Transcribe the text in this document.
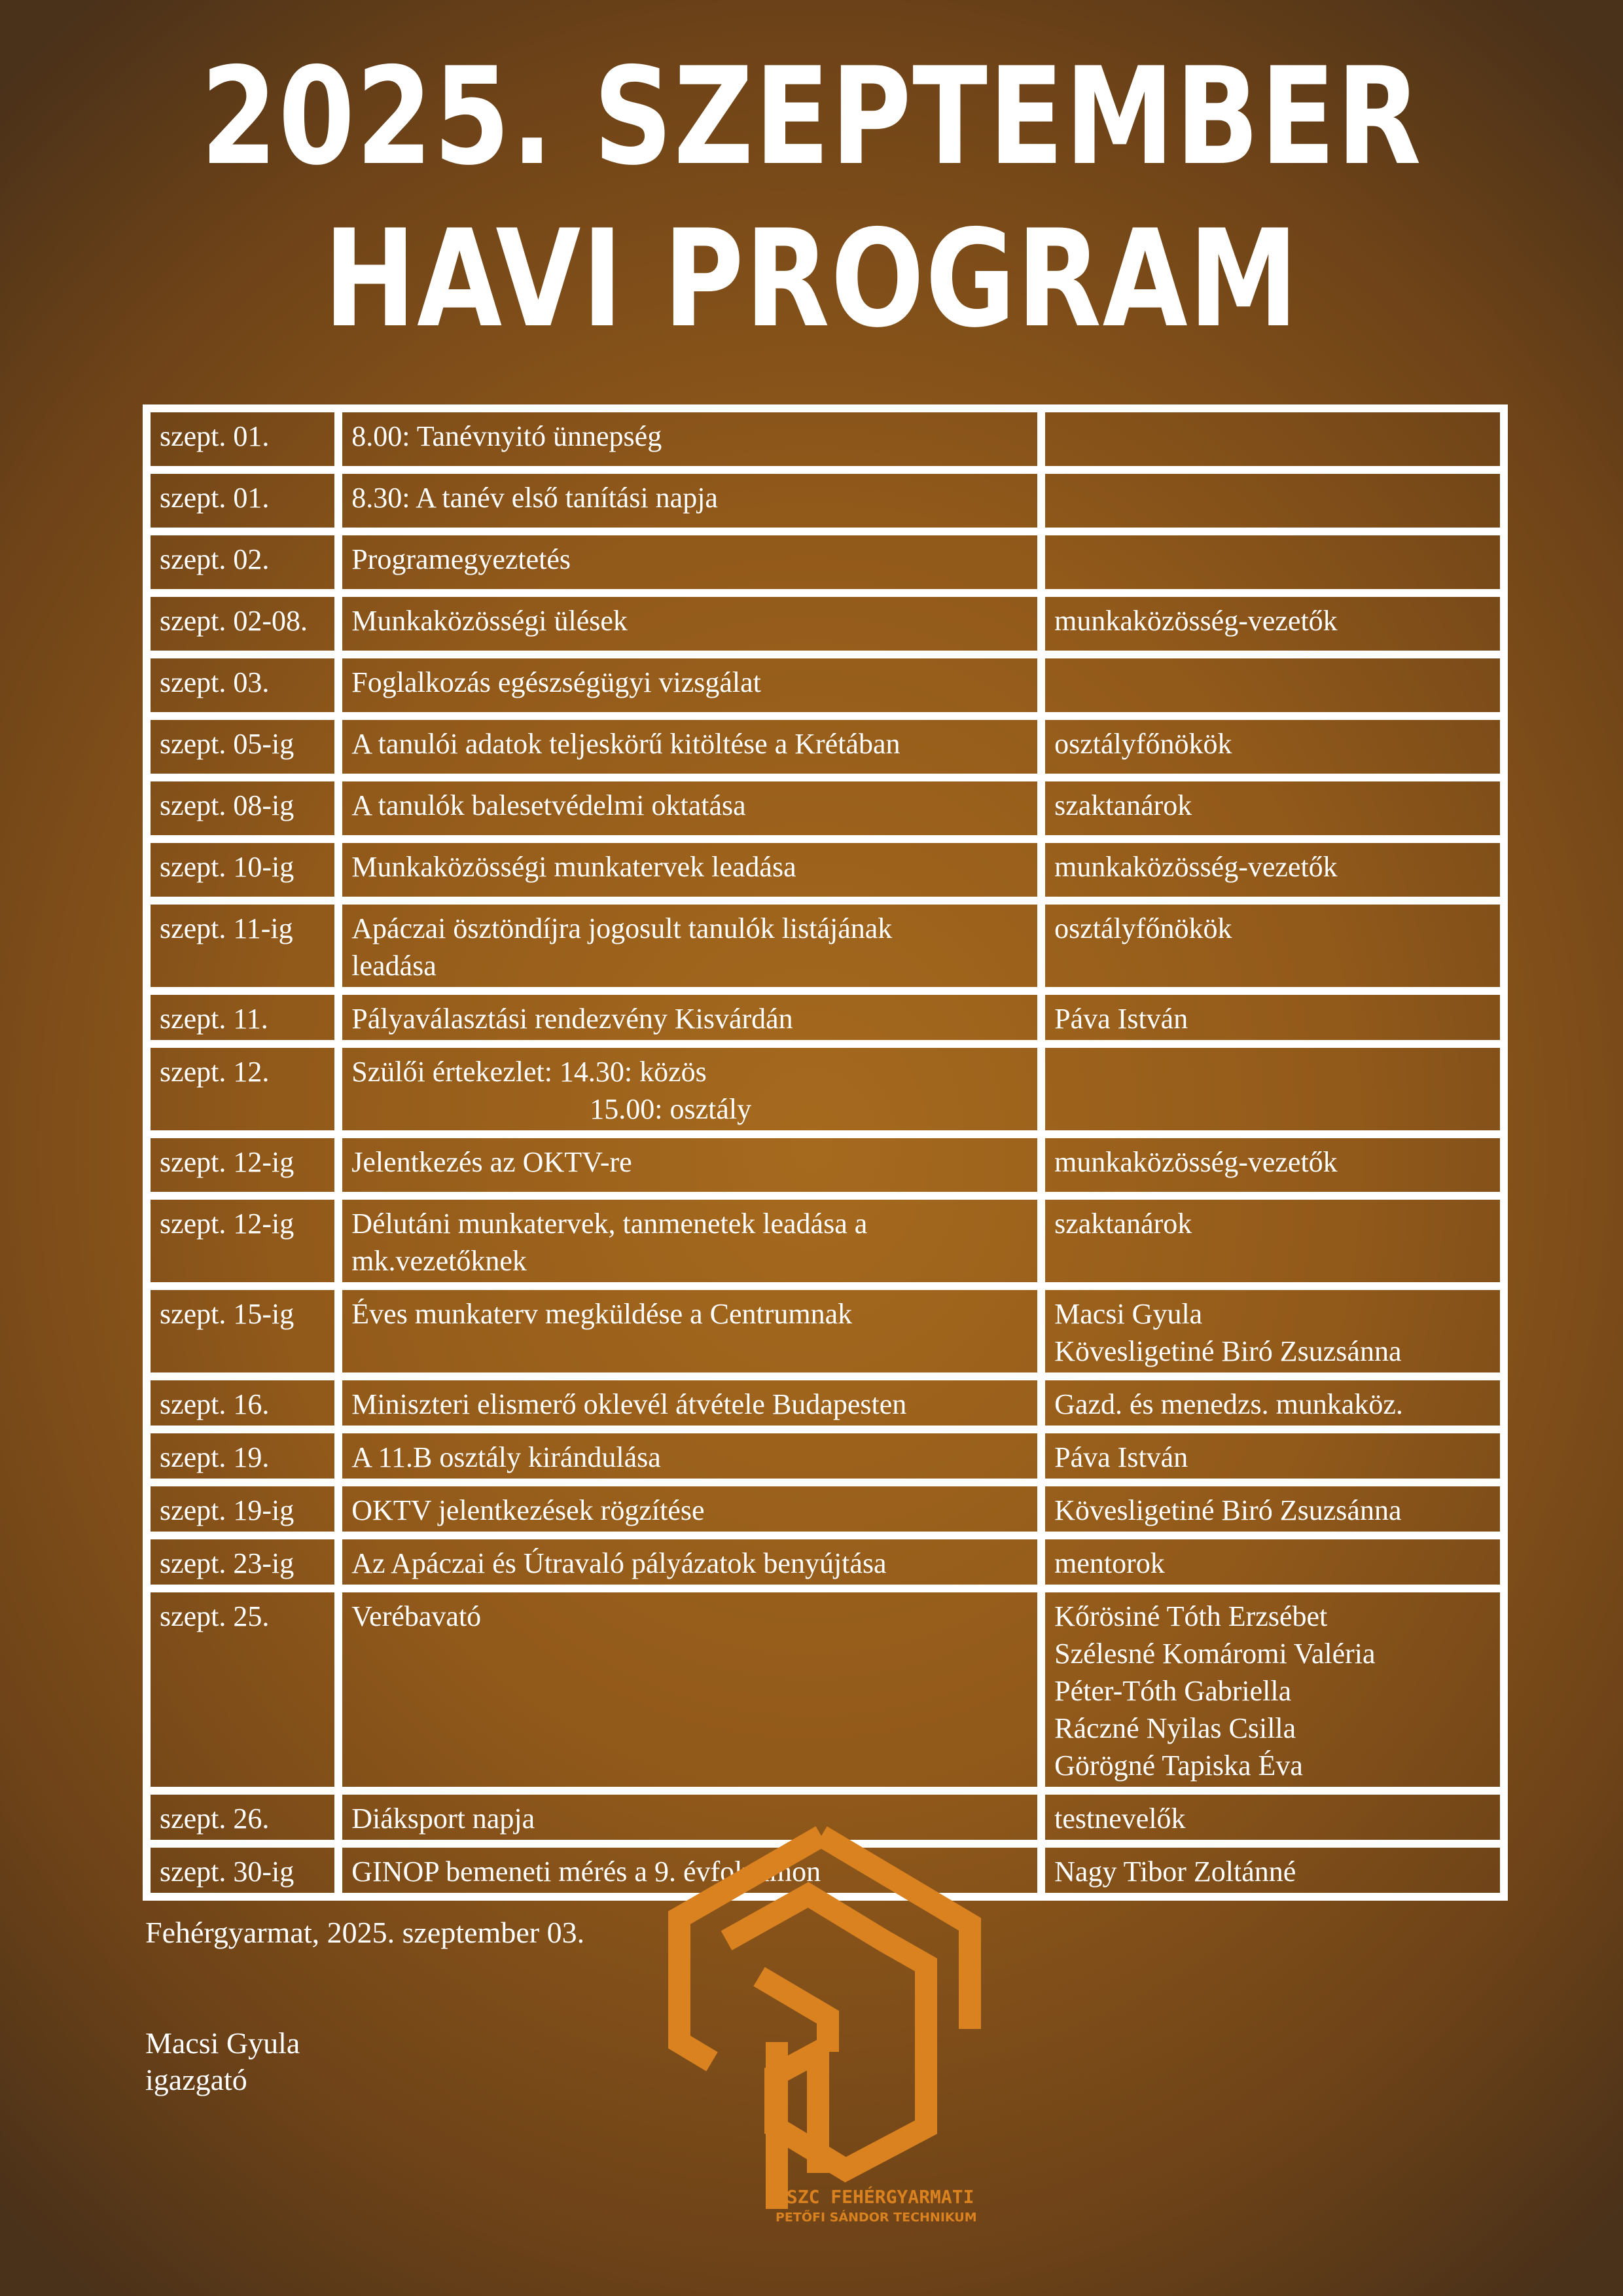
2025. SZEPTEMBER
HAVI PROGRAM
szept. 01.	8.00: Tanévnyitó ünnepség	
szept. 01.	8.30: A tanév első tanítási napja	
szept. 02.	Programegyeztetés	
szept. 02-08.	Munkaközösségi ülések	munkaközösség-vezetők
szept. 03.	Foglalkozás egészségügyi vizsgálat	
szept. 05-ig	A tanulói adatok teljeskörű kitöltése a Krétában	osztályfőnökök
szept. 08-ig	A tanulók balesetvédelmi oktatása	szaktanárok
szept. 10-ig	Munkaközösségi munkatervek leadása	munkaközösség-vezetők
szept. 11-ig	Apáczai ösztöndíjra jogosult tanulók listájának
leadása	osztályfőnökök
szept. 11.	Pályaválasztási rendezvény Kisvárdán	Páva István
szept. 12.	Szülői értekezlet: 14.30: közös
15.00: osztály	

szept. 12-ig	Jelentkezés az OKTV-re	munkaközösség-vezetők
szept. 12-ig	Délutáni munkatervek, tanmenetek leadása a
mk.vezetőknek	szaktanárok
szept. 15-ig	Éves munkaterv megküldése a Centrumnak	Macsi Gyula
Kövesligetiné Biró Zsuzsánna
szept. 16.	Miniszteri elismerő oklevél átvétele Budapesten	Gazd. és menedzs. munkaköz.
szept. 19.	A 11.B osztály kirándulása	Páva István
szept. 19-ig	OKTV jelentkezések rögzítése	Kövesligetiné Biró Zsuzsánna
szept. 23-ig	Az Apáczai és Útravaló pályázatok benyújtása	mentorok
szept. 25.	Verébavató	Kőrösiné Tóth Erzsébet
Szélesné Komáromi Valéria
Péter-Tóth Gabriella
Ráczné Nyilas Csilla
Görögné Tapiska Éva
szept. 26.	Diáksport napja	testnevelők
szept. 30-ig	GINOP bemeneti mérés a 9. évfolyamon	Nagy Tibor Zoltánné
Fehérgyarmat, 2025. szeptember 03.
Macsi Gyula
igazgató
KSZC FEHÉRGYARMATI
PETŐFI SÁNDOR TECHNIKUM
